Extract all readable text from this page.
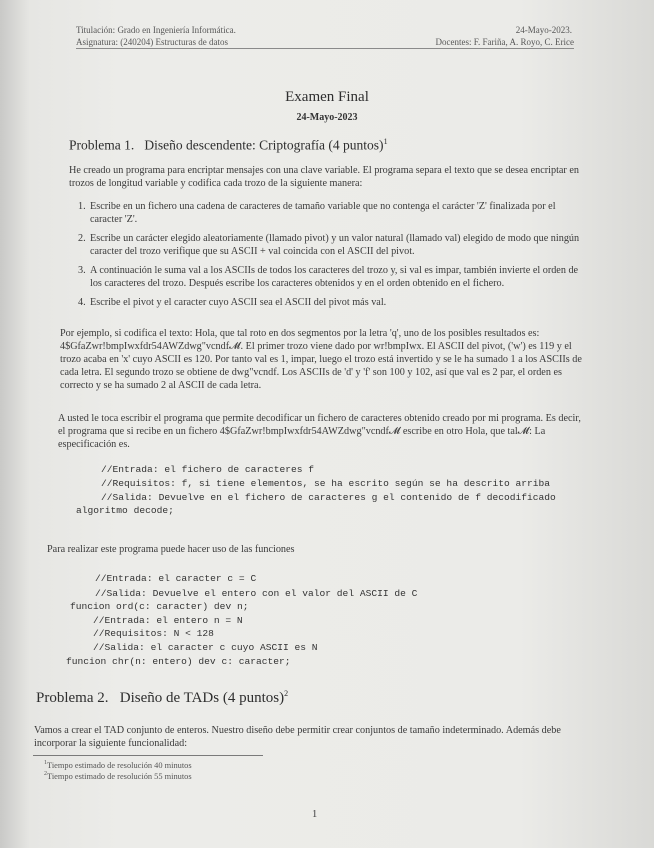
Titulación: Grado en Ingeniería Informática.	24-Mayo-2023.
Asignatura: (240204) Estructuras de datos	Docentes: F. Fariña, A. Royo, C. Erice
Examen Final
24-Mayo-2023
Problema 1.   Diseño descendente: Criptografía (4 puntos)$^1$
He creado un programa para encriptar mensajes con una clave variable. El programa separa el texto que se desea encriptar en trozos de longitud variable y codifica cada trozo de la siguiente manera:
1. Escribe en un fichero una cadena de caracteres de tamaño variable que no contenga el carácter 'Z' finalizada por el caracter 'Z'.
2. Escribe un carácter elegido aleatoriamente (llamado pivot) y un valor natural (llamado val) elegido de modo que ningún caracter del trozo verifique que su ASCII + val coincida con el ASCII del pivot.
3. A continuación le suma val a los ASCIIs de todos los caracteres del trozo y, si val es impar, también invierte el orden de los caracteres del trozo. Después escribe los caracteres obtenidos y en el orden obtenido en el fichero.
4. Escribe el pivot y el caracter cuyo ASCII sea el ASCII del pivot más val.
Por ejemplo, si codifica el texto: Hola, que tal roto en dos segmentos por la letra 'q', uno de los posibles resultados es: 4$GfaZwr!bmpIwxfdr54AWZdwg"vcndf𝓜. El primer trozo viene dado por wr!bmpIwx. El ASCII del pivot, ('w') es 119 y el trozo acaba en 'x' cuyo ASCII es 120. Por tanto val es 1, impar, luego el trozo está invertido y se le ha sumado 1 a los ASCIIs de cada letra. El segundo trozo se obtiene de dwg"vcndf. Los ASCIIs de 'd' y 'f' son 100 y 102, así que val es 2 par, el orden es correcto y se ha sumado 2 al ASCII de cada letra.
A usted le toca escribir el programa que permite decodificar un fichero de caracteres obtenido creado por mi programa. Es decir, el programa que si recibe en un fichero 4$GfaZwr!bmpIwxfdr54AWZdwg"vcndf𝓜 escribe en otro Hola, que tal𝓜: La especificación es.
//Entrada: el fichero de caracteres f
//Requisitos: f, si tiene elementos, se ha escrito según se ha descrito arriba
//Salida: Devuelve en el fichero de caracteres g el contenido de f decodificado
algoritmo decode;
Para realizar este programa puede hacer uso de las funciones
//Entrada: el caracter c = C
//Salida: Devuelve el entero con el valor del ASCII de C
funcion ord(c: caracter) dev n;
//Entrada: el entero n = N
//Requisitos: N < 128
//Salida: el caracter c cuyo ASCII es N
funcion chr(n: entero) dev c: caracter;
Problema 2.   Diseño de TADs (4 puntos)$^2$
Vamos a crear el TAD conjunto de enteros. Nuestro diseño debe permitir crear conjuntos de tamaño indeterminado. Además debe incorporar la siguiente funcionalidad:
$^1$Tiempo estimado de resolución 40 minutos
$^2$Tiempo estimado de resolución 55 minutos
1
